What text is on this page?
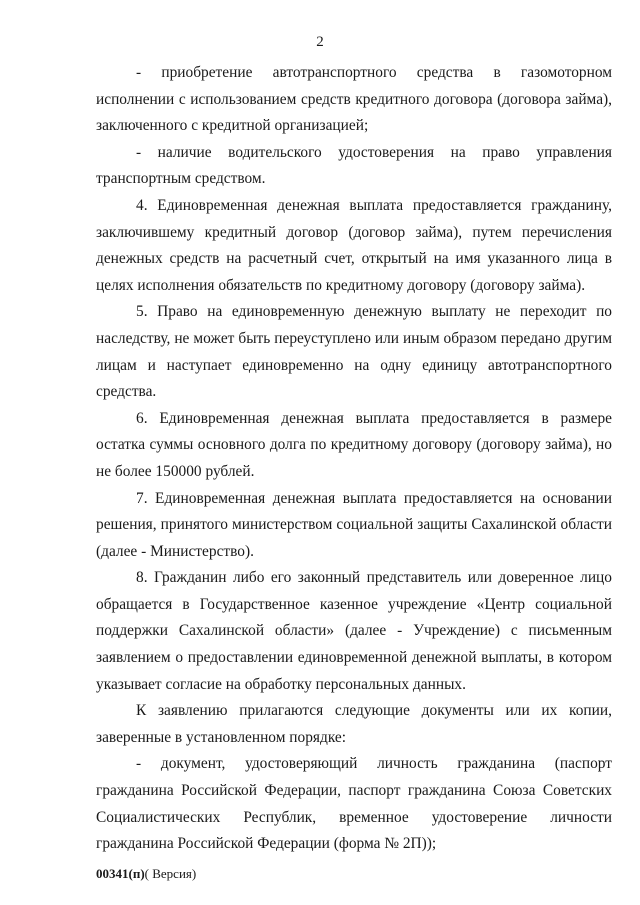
2

- приобретение автотранспортного средства в газомоторном исполнении с использованием средств кредитного договора (договора займа), заключенного с кредитной организацией;

- наличие водительского удостоверения на право управления транспортным средством.

4. Единовременная денежная выплата предоставляется гражданину, заключившему кредитный договор (договор займа), путем перечисления денежных средств на расчетный счет, открытый на имя указанного лица в целях исполнения обязательств по кредитному договору (договору займа).

5. Право на единовременную денежную выплату не переходит по наследству, не может быть переуступлено или иным образом передано другим лицам и наступает единовременно на одну единицу автотранспортного средства.

6. Единовременная денежная выплата предоставляется в размере остатка суммы основного долга по кредитному договору (договору займа), но не более 150000 рублей.

7. Единовременная денежная выплата предоставляется на основании решения, принятого министерством социальной защиты Сахалинской области (далее - Министерство).

8. Гражданин либо его законный представитель или доверенное лицо обращается в Государственное казенное учреждение «Центр социальной поддержки Сахалинской области» (далее - Учреждение) с письменным заявлением о предоставлении единовременной денежной выплаты, в котором указывает согласие на обработку персональных данных.

К заявлению прилагаются следующие документы или их копии, заверенные в установленном порядке:

- документ, удостоверяющий личность гражданина (паспорт гражданина Российской Федерации, паспорт гражданина Союза Советских Социалистических Республик, временное удостоверение личности гражданина Российской Федерации (форма № 2П));

00341(п)( Версия)
